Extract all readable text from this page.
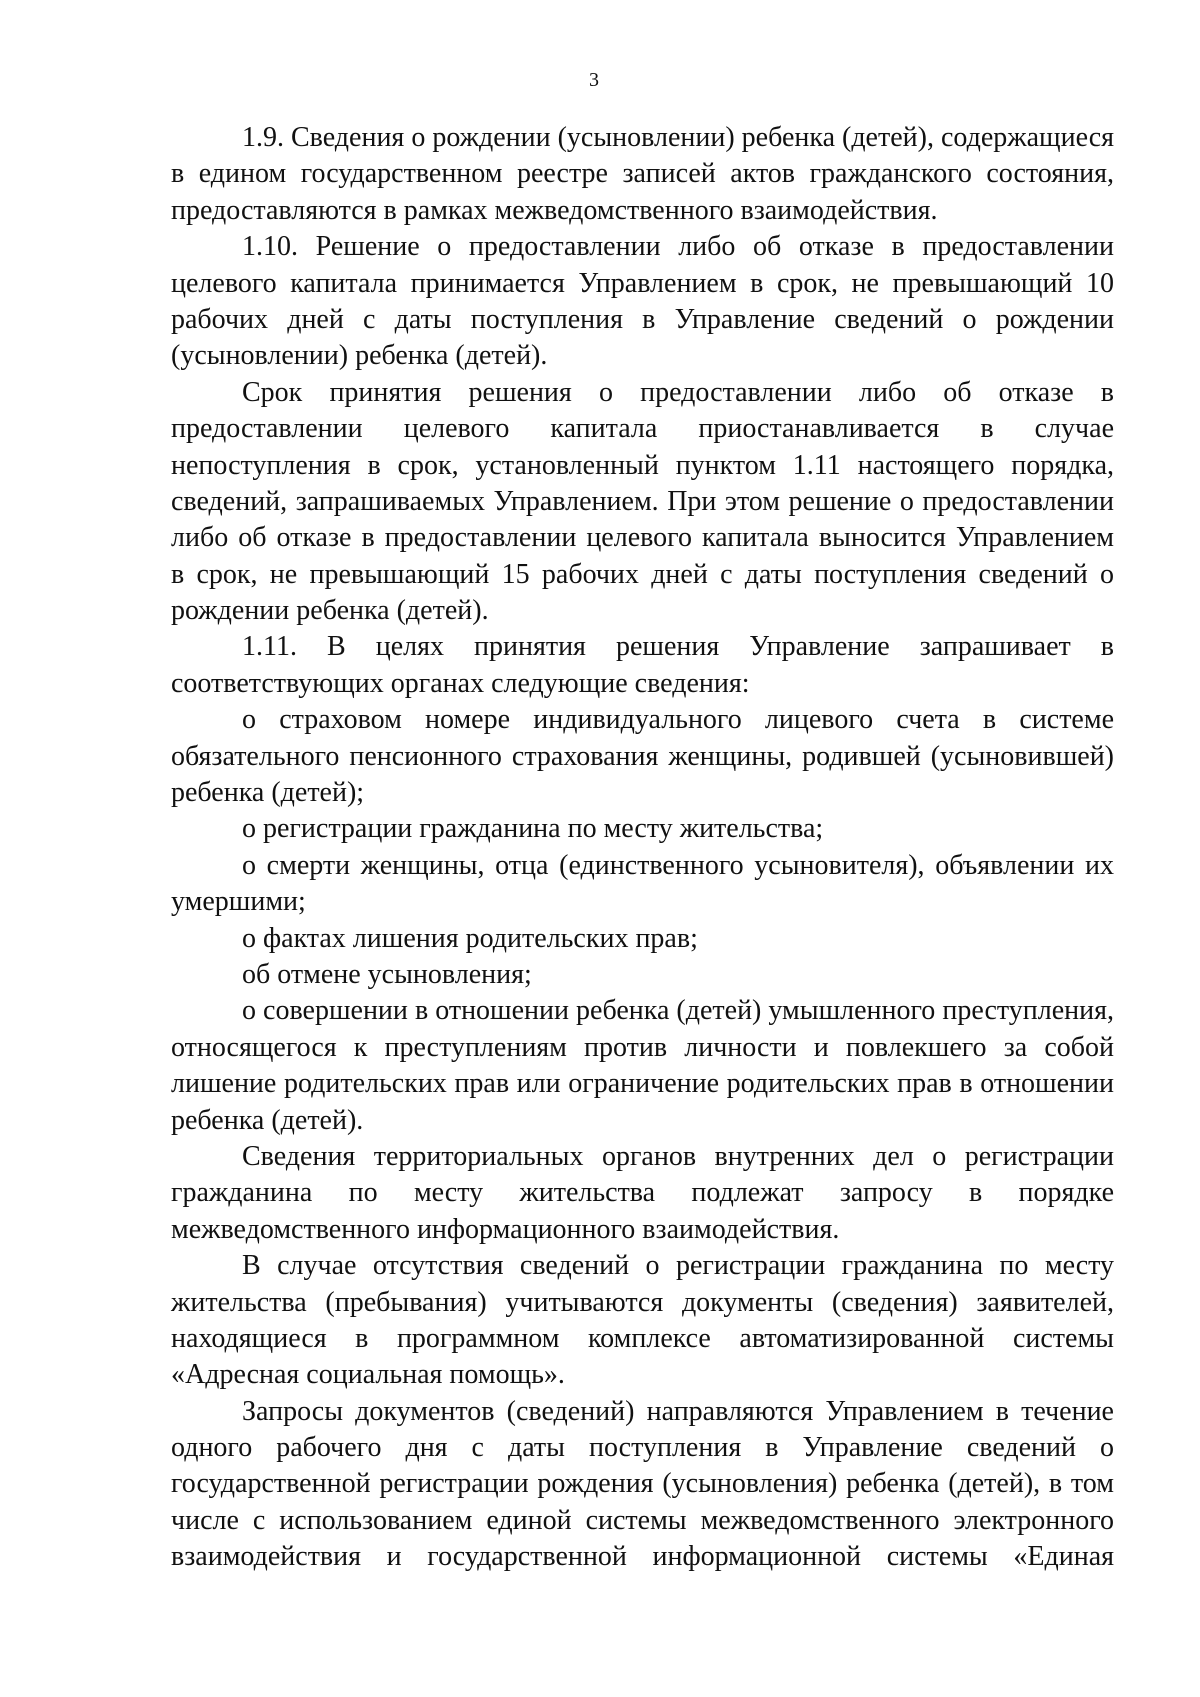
3
1.9. Сведения о рождении (усыновлении) ребенка (детей), содержащиеся
в едином государственном реестре записей актов гражданского состояния,
предоставляются в рамках межведомственного взаимодействия.
1.10. Решение о предоставлении либо об отказе в предоставлении
целевого капитала принимается Управлением в срок, не превышающий 10
рабочих дней с даты поступления в Управление сведений о рождении
(усыновлении) ребенка (детей).
Срок принятия решения о предоставлении либо об отказе в
предоставлении целевого капитала приостанавливается в случае
непоступления в срок, установленный пунктом 1.11 настоящего порядка,
сведений, запрашиваемых Управлением. При этом решение о предоставлении
либо об отказе в предоставлении целевого капитала выносится Управлением
в срок, не превышающий 15 рабочих дней с даты поступления сведений о
рождении ребенка (детей).
1.11. В целях принятия решения Управление запрашивает в
соответствующих органах следующие сведения:
о страховом номере индивидуального лицевого счета в системе
обязательного пенсионного страхования женщины, родившей (усыновившей)
ребенка (детей);
о регистрации гражданина по месту жительства;
о смерти женщины, отца (единственного усыновителя), объявлении их
умершими;
о фактах лишения родительских прав;
об отмене усыновления;
о совершении в отношении ребенка (детей) умышленного преступления,
относящегося к преступлениям против личности и повлекшего за собой
лишение родительских прав или ограничение родительских прав в отношении
ребенка (детей).
Сведения территориальных органов внутренних дел о регистрации
гражданина по месту жительства подлежат запросу в порядке
межведомственного информационного взаимодействия.
В случае отсутствия сведений о регистрации гражданина по месту
жительства (пребывания) учитываются документы (сведения) заявителей,
находящиеся в программном комплексе автоматизированной системы
«Адресная социальная помощь».
Запросы документов (сведений) направляются Управлением в течение
одного рабочего дня с даты поступления в Управление сведений о
государственной регистрации рождения (усыновления) ребенка (детей), в том
числе с использованием единой системы межведомственного электронного
взаимодействия и государственной информационной системы «Единая
